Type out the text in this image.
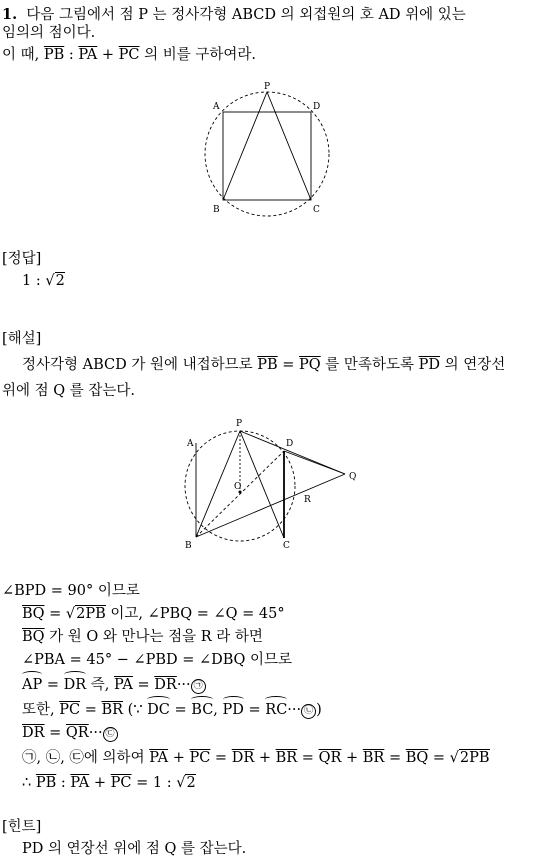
1. 다음 그림에서 점 P 는 정사각형 ABCD 의 외접원의 호 AD 위에 있는
임의의 점이다.
이 때, $\overline{PB}$ : $\overline{PA} + \overline{PC}$ 의 비를 구하여라.
P
A	D
B	C
P
A	D
Q
O
R
B	C
[정답]
1 : √2
[해설]
정사각형 ABCD 가 원에 내접하므로 $\overline{PB} = \overline{PQ}$ 를 만족하도록 $\overline{PD}$ 의 연장선
위에 점 Q 를 잡는다.
∠BPD = 90° 이므로
$\overline{BQ} = √2PB$ 이고, ∠PBQ = ∠Q = 45°
$\overline{BQ}$ 가 원 O 와 만나는 점을 R 라 하면
∠PBA = 45° − ∠PBD = ∠DBQ 이므로
AP = DR 즉, $\overline{PA} = \overline{DR}\cdot\cdot\cdot$ ㉠
또한, $\overline{PC} = \overline{BR}$ (∵ DC = BC, PD = RC··· ㉡ )
$\overline{DR} = \overline{QR}\cdot\cdot\cdot$ ㉢
㉠, ㉡, ㉢에 의하여 $\overline{PA} + \overline{PC} = \overline{DR} + \overline{BR} = \overline{QR} + \overline{BR} = \overline{BQ} = √2PB$
∴ $\overline{PB}$ : $\overline{PA} + \overline{PC} = 1$ : √2
[힌트]
PD 의 연장선 위에 점 Q 를 잡는다.
